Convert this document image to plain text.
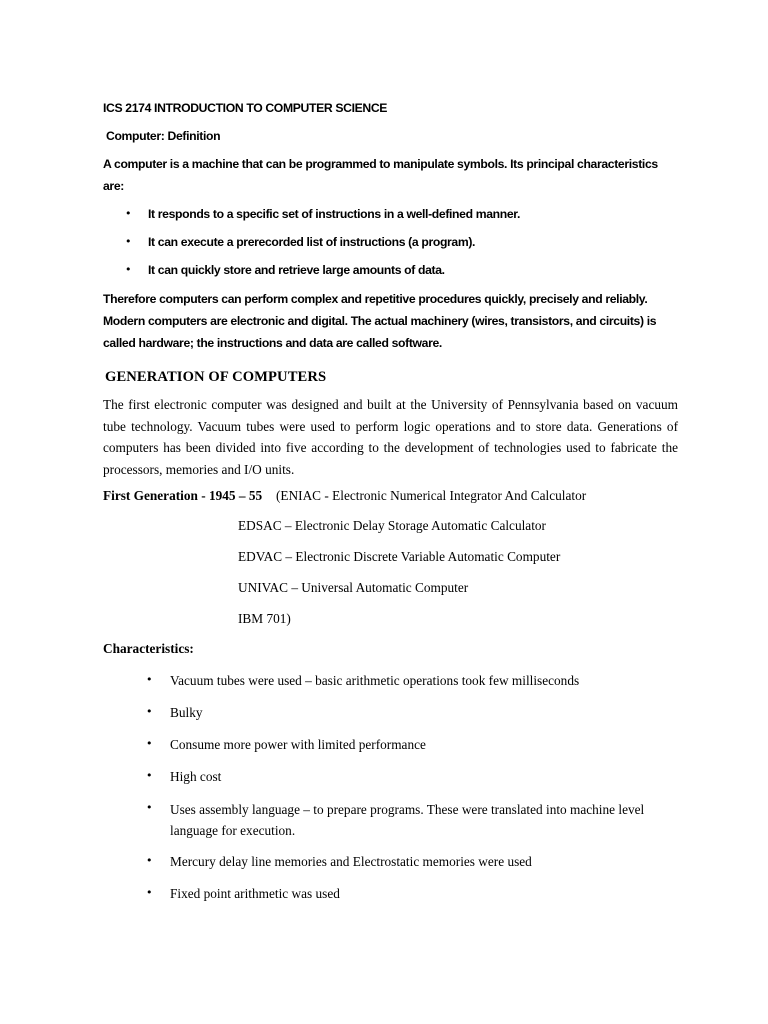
ICS 2174 INTRODUCTION TO COMPUTER SCIENCE

Computer: Definition

A computer is a machine that can be programmed to manipulate symbols. Its principal characteristics

are:

• It responds to a specific set of instructions in a well-defined manner.

• It can execute a prerecorded list of instructions (a program).

• It can quickly store and retrieve large amounts of data.

Therefore computers can perform complex and repetitive procedures quickly, precisely and reliably.

Modern computers are electronic and digital. The actual machinery (wires, transistors, and circuits) is

called hardware; the instructions and data are called software.

GENERATION OF COMPUTERS

The first electronic computer was designed and built at the University of Pennsylvania based on vacuum tube technology. Vacuum tubes were used to perform logic operations and to store data. Generations of computers has been divided into five according to the development of technologies used to fabricate the processors, memories and I/O units.

First Generation - 1945 – 55 (ENIAC - Electronic Numerical Integrator And Calculator

EDSAC – Electronic Delay Storage Automatic Calculator

EDVAC – Electronic Discrete Variable Automatic Computer

UNIVAC – Universal Automatic Computer

IBM 701)

Characteristics:

• Vacuum tubes were used – basic arithmetic operations took few milliseconds

• Bulky

• Consume more power with limited performance

• High cost

• Uses assembly language – to prepare programs. These were translated into machine level language for execution.

• Mercury delay line memories and Electrostatic memories were used

• Fixed point arithmetic was used
